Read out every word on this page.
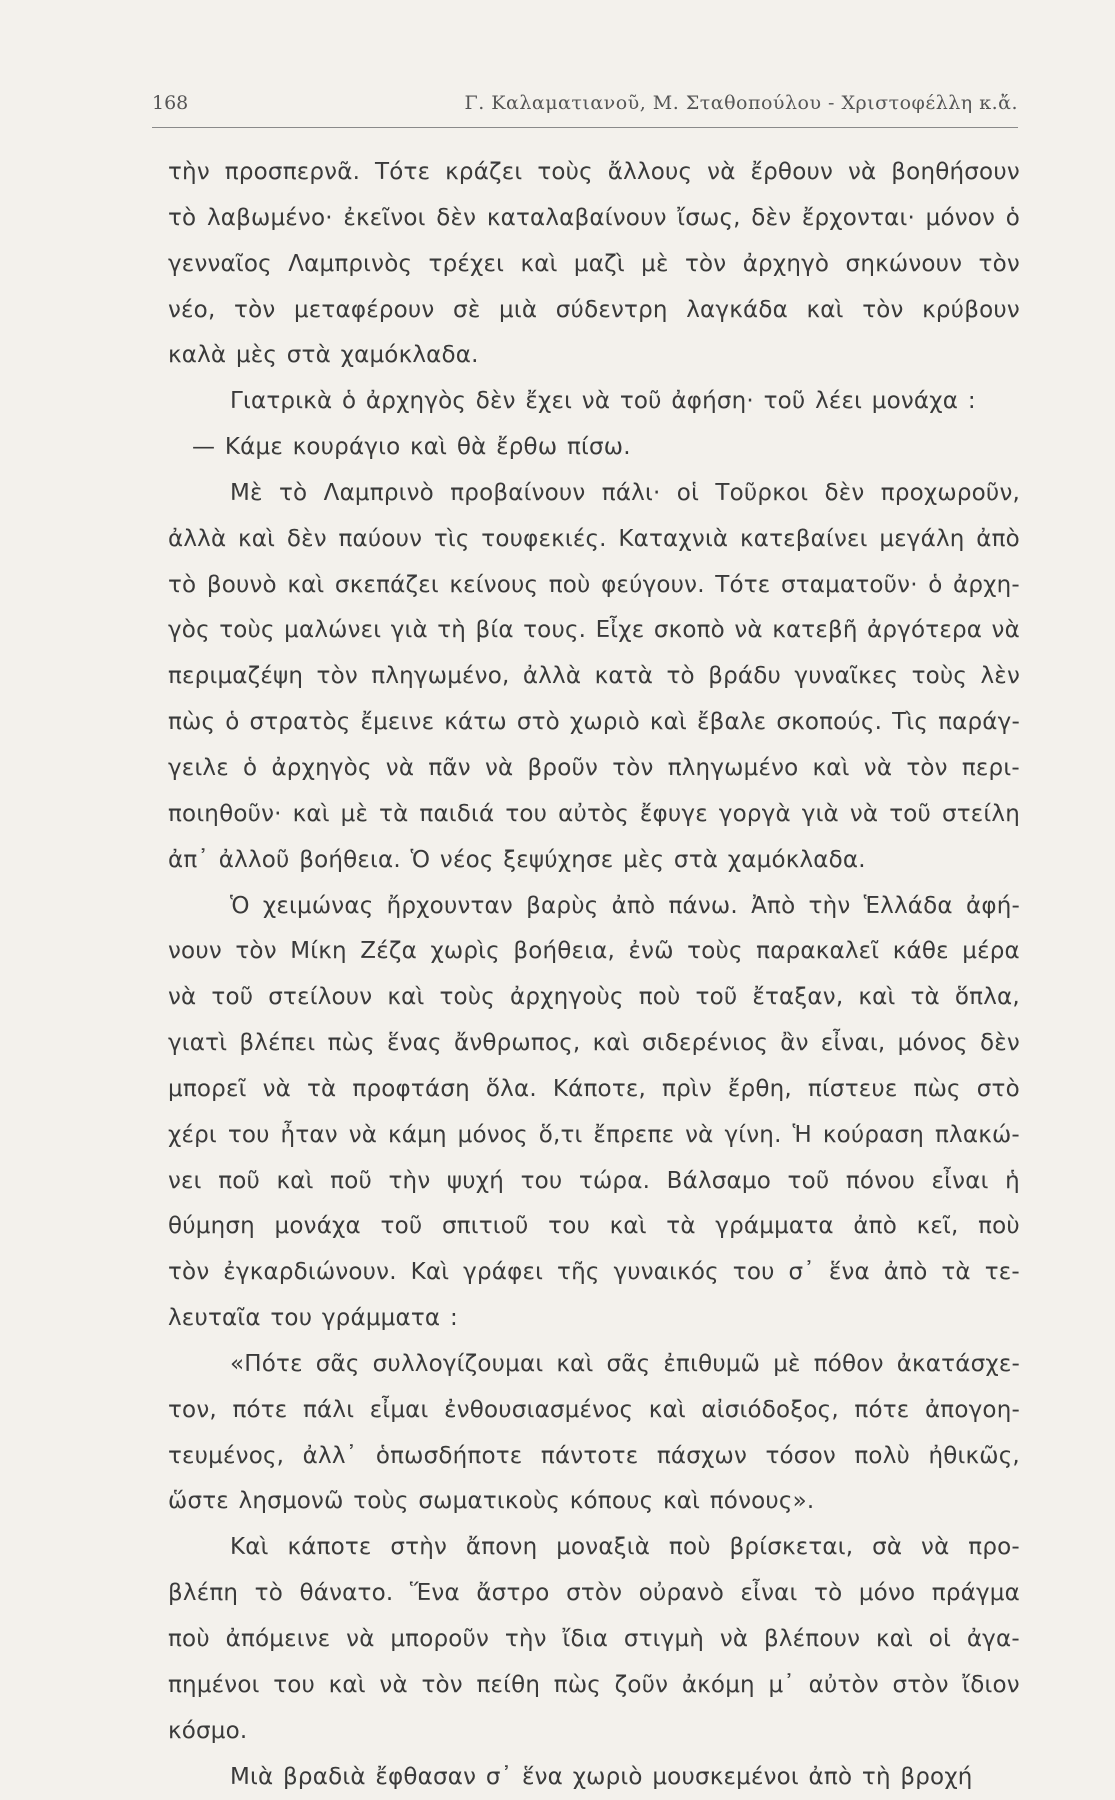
168	Γ. Καλαματιανοῦ, Μ. Σταθοπούλου - Χριστοφέλλη κ.ἄ.
τὴν προσπερνᾶ. Τότε κράζει τοὺς ἄλλους νὰ ἔρθουν νὰ βοηθήσουν
τὸ λαβωμένο· ἐκεῖνοι δὲν καταλαβαίνουν ἴσως, δὲν ἔρχονται· μόνον ὁ
γενναῖος Λαμπρινὸς τρέχει καὶ μαζὶ μὲ τὸν ἀρχηγὸ σηκώνουν τὸν
νέο, τὸν μεταφέρουν σὲ μιὰ σύδεντρη λαγκάδα καὶ τὸν κρύβουν
καλὰ μὲς στὰ χαμόκλαδα.
Γιατρικὰ ὁ ἀρχηγὸς δὲν ἔχει νὰ τοῦ ἀφήση· τοῦ λέει μονάχα :
— Κάμε κουράγιο καὶ θὰ ἔρθω πίσω.
Μὲ τὸ Λαμπρινὸ προβαίνουν πάλι· οἱ Τοῦρκοι δὲν προχωροῦν,
ἀλλὰ καὶ δὲν παύουν τὶς τουφεκιές. Καταχνιὰ κατεβαίνει μεγάλη ἀπὸ
τὸ βουνὸ καὶ σκεπάζει κείνους ποὺ φεύγουν. Τότε σταματοῦν· ὁ ἀρχη-
γὸς τοὺς μαλώνει γιὰ τὴ βία τους. Εἶχε σκοπὸ νὰ κατεβῆ ἀργότερα νὰ
περιμαζέψη τὸν πληγωμένο, ἀλλὰ κατὰ τὸ βράδυ γυναῖκες τοὺς λὲν
πὼς ὁ στρατὸς ἔμεινε κάτω στὸ χωριὸ καὶ ἔβαλε σκοπούς. Τὶς παράγ-
γειλε ὁ ἀρχηγὸς νὰ πᾶν νὰ βροῦν τὸν πληγωμένο καὶ νὰ τὸν περι-
ποιηθοῦν· καὶ μὲ τὰ παιδιά του αὐτὸς ἔφυγε γοργὰ γιὰ νὰ τοῦ στείλη
ἀπ᾽ ἀλλοῦ βοήθεια. Ὁ νέος ξεψύχησε μὲς στὰ χαμόκλαδα.
Ὁ χειμώνας ἤρχουνταν βαρὺς ἀπὸ πάνω. Ἀπὸ τὴν Ἑλλάδα ἀφή-
νουν τὸν Μίκη Ζέζα χωρὶς βοήθεια, ἐνῶ τοὺς παρακαλεῖ κάθε μέρα
νὰ τοῦ στείλουν καὶ τοὺς ἀρχηγοὺς ποὺ τοῦ ἔταξαν, καὶ τὰ ὅπλα,
γιατὶ βλέπει πὼς ἕνας ἄνθρωπος, καὶ σιδερένιος ἂν εἶναι, μόνος δὲν
μπορεῖ νὰ τὰ προφτάση ὅλα. Κάποτε, πρὶν ἔρθη, πίστευε πὼς στὸ
χέρι του ἦταν νὰ κάμη μόνος ὅ,τι ἔπρεπε νὰ γίνη. Ἡ κούραση πλακώ-
νει ποῦ καὶ ποῦ τὴν ψυχή του τώρα. Βάλσαμο τοῦ πόνου εἶναι ἡ
θύμηση μονάχα τοῦ σπιτιοῦ του καὶ τὰ γράμματα ἀπὸ κεῖ, ποὺ
τὸν ἐγκαρδιώνουν. Καὶ γράφει τῆς γυναικός του σ᾽ ἕνα ἀπὸ τὰ τε-
λευταῖα του γράμματα :
«Πότε σᾶς συλλογίζουμαι καὶ σᾶς ἐπιθυμῶ μὲ πόθον ἀκατάσχε-
τον, πότε πάλι εἶμαι ἐνθουσιασμένος καὶ αἰσιόδοξος, πότε ἀπογοη-
τευμένος, ἀλλ᾽ ὁπωσδήποτε πάντοτε πάσχων τόσον πολὺ ἠθικῶς,
ὥστε λησμονῶ τοὺς σωματικοὺς κόπους καὶ πόνους».
Καὶ κάποτε στὴν ἄπονη μοναξιὰ ποὺ βρίσκεται, σὰ νὰ προ-
βλέπη τὸ θάνατο. Ἕνα ἄστρο στὸν οὐρανὸ εἶναι τὸ μόνο πράγμα
ποὺ ἀπόμεινε νὰ μποροῦν τὴν ἴδια στιγμὴ νὰ βλέπουν καὶ οἱ ἀγα-
πημένοι του καὶ νὰ τὸν πείθη πὼς ζοῦν ἀκόμη μ᾽ αὐτὸν στὸν ἴδιον
κόσμο.
Μιὰ βραδιὰ ἔφθασαν σ᾽ ἕνα χωριὸ μουσκεμένοι ἀπὸ τὴ βροχή
